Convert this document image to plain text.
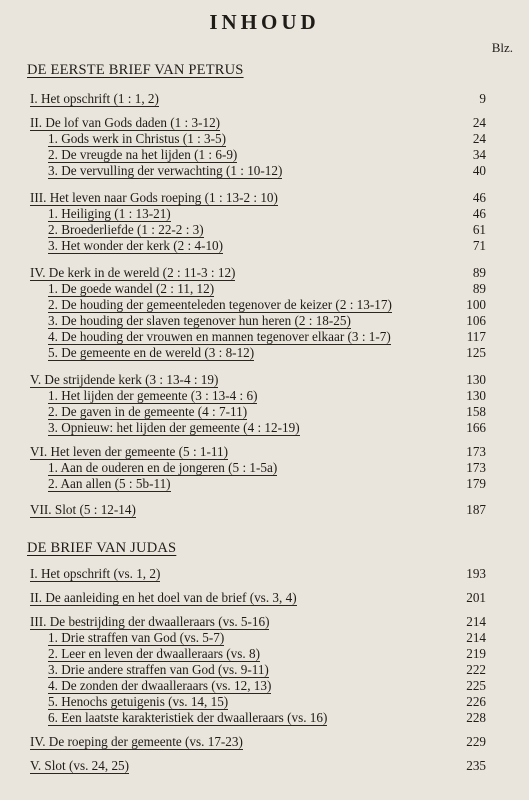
INHOUD
Blz.
DE EERSTE BRIEF VAN PETRUS
I. Het opschrift (1 : 1, 2)	9
II. De lof van Gods daden (1 : 3-12)	24
1. Gods werk in Christus (1 : 3-5)	24
2. De vreugde na het lijden (1 : 6-9)	34
3. De vervulling der verwachting (1 : 10-12)	40
III. Het leven naar Gods roeping (1 : 13-2 : 10)	46
1. Heiliging (1 : 13-21)	46
2. Broederliefde (1 : 22-2 : 3)	61
3. Het wonder der kerk (2 : 4-10)	71
IV. De kerk in de wereld (2 : 11-3 : 12)	89
1. De goede wandel (2 : 11, 12)	89
2. De houding der gemeenteleden tegenover de keizer (2 : 13-17)	100
3. De houding der slaven tegenover hun heren (2 : 18-25)	106
4. De houding der vrouwen en mannen tegenover elkaar (3 : 1-7)	117
5. De gemeente en de wereld (3 : 8-12)	125
V. De strijdende kerk (3 : 13-4 : 19)	130
1. Het lijden der gemeente (3 : 13-4 : 6)	130
2. De gaven in de gemeente (4 : 7-11)	158
3. Opnieuw: het lijden der gemeente (4 : 12-19)	166
VI. Het leven der gemeente (5 : 1-11)	173
1. Aan de ouderen en de jongeren (5 : 1-5a)	173
2. Aan allen (5 : 5b-11)	179
VII. Slot (5 : 12-14)	187
DE BRIEF VAN JUDAS
I. Het opschrift (vs. 1, 2)	193
II. De aanleiding en het doel van de brief (vs. 3, 4)	201
III. De bestrijding der dwaalleraars (vs. 5-16)	214
1. Drie straffen van God (vs. 5-7)	214
2. Leer en leven der dwaalleraars (vs. 8)	219
3. Drie andere straffen van God (vs. 9-11)	222
4. De zonden der dwaalleraars (vs. 12, 13)	225
5. Henochs getuigenis (vs. 14, 15)	226
6. Een laatste karakteristiek der dwaalleraars (vs. 16)	228
IV. De roeping der gemeente (vs. 17-23)	229
V. Slot (vs. 24, 25)	235
